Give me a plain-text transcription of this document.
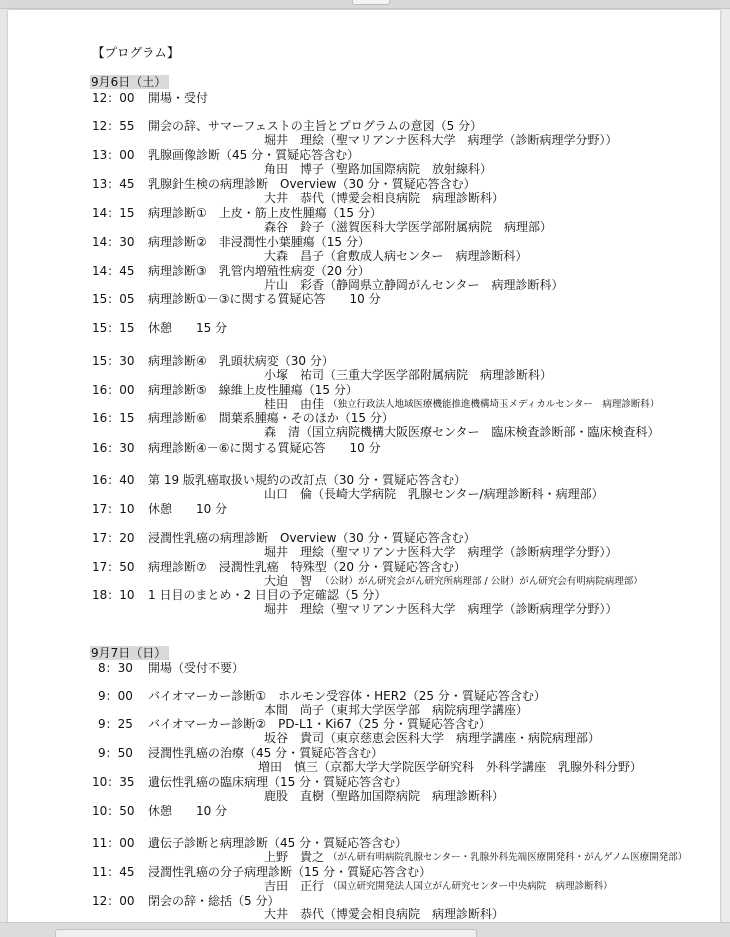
【プログラム】
9月6日（土）
12：00 開場・受付
12：55 開会の辞、サマーフェストの主旨とプログラムの意図（5 分）
堀井　理絵（聖マリアンナ医科大学　病理学（診断病理学分野））
13：00 乳腺画像診断（45 分・質疑応答含む）
角田　博子（聖路加国際病院　放射線科）
13：45 乳腺針生検の病理診断　Overview（30 分・質疑応答含む）
大井　恭代（博愛会相良病院　病理診断科）
14：15 病理診断①　上皮・筋上皮性腫瘍（15 分）
森谷　鈴子（滋賀医科大学医学部附属病院　病理部）
14：30 病理診断②　非浸潤性小葉腫瘍（15 分）
大森　昌子（倉敷成人病センター　病理診断科）
14：45 病理診断③　乳管内増殖性病変（20 分）
片山　彩香（静岡県立静岡がんセンター　病理診断科）
15：05 病理診断①－③に関する質疑応答　　10 分
15：15 休憩　　15 分
15：30 病理診断④　乳頭状病変（30 分）
小塚　祐司（三重大学医学部附属病院　病理診断科）
16：00 病理診断⑤　線維上皮性腫瘍（15 分）
桂田　由佳 （独立行政法人地域医療機能推進機構埼玉メディカルセンター　病理診断科）
16：15 病理診断⑥　間葉系腫瘍・そのほか（15 分）
森　清（国立病院機構大阪医療センター　臨床検査診断部・臨床検査科）
16：30 病理診断④－⑥に関する質疑応答　　10 分
16：40 第 19 版乳癌取扱い規約の改訂点（30 分・質疑応答含む）
山口　倫（長崎大学病院　乳腺センター/病理診断科・病理部）
17：10 休憩　　10 分
17：20 浸潤性乳癌の病理診断　Overview（30 分・質疑応答含む）
堀井　理絵（聖マリアンナ医科大学　病理学（診断病理学分野））
17：50 病理診断⑦　浸潤性乳癌　特殊型（20 分・質疑応答含む）
大迫　智 （公財）がん研究会がん研究所病理部 / 公財）がん研究会有明病院病理部）
18：10 1 日目のまとめ・2 日目の予定確認（5 分）
堀井　理絵（聖マリアンナ医科大学　病理学（診断病理学分野））
9月7日（日）
8：30 開場（受付不要）
9：00 バイオマーカー診断①　ホルモン受容体・HER2（25 分・質疑応答含む）
本間　尚子（東邦大学医学部　病院病理学講座）
9：25 バイオマーカー診断②　PD-L1・Ki67（25 分・質疑応答含む）
坂谷　貴司（東京慈恵会医科大学　病理学講座・病院病理部）
9：50 浸潤性乳癌の治療（45 分・質疑応答含む）
増田　慎三（京都大学大学院医学研究科　外科学講座　乳腺外科分野）
10：35 遺伝性乳癌の臨床病理（15 分・質疑応答含む）
鹿股　直樹（聖路加国際病院　病理診断科）
10：50 休憩　　10 分
11：00 遺伝子診断と病理診断（45 分・質疑応答含む）
上野　貴之 （がん研有明病院乳腺センター・乳腺外科先端医療開発科・がんゲノム医療開発部）
11：45 浸潤性乳癌の分子病理診断（15 分・質疑応答含む）
吉田　正行 （国立研究開発法人国立がん研究センター中央病院　病理診断科）
12：00 閉会の辞・総括（5 分）
大井　恭代（博愛会相良病院　病理診断科）
